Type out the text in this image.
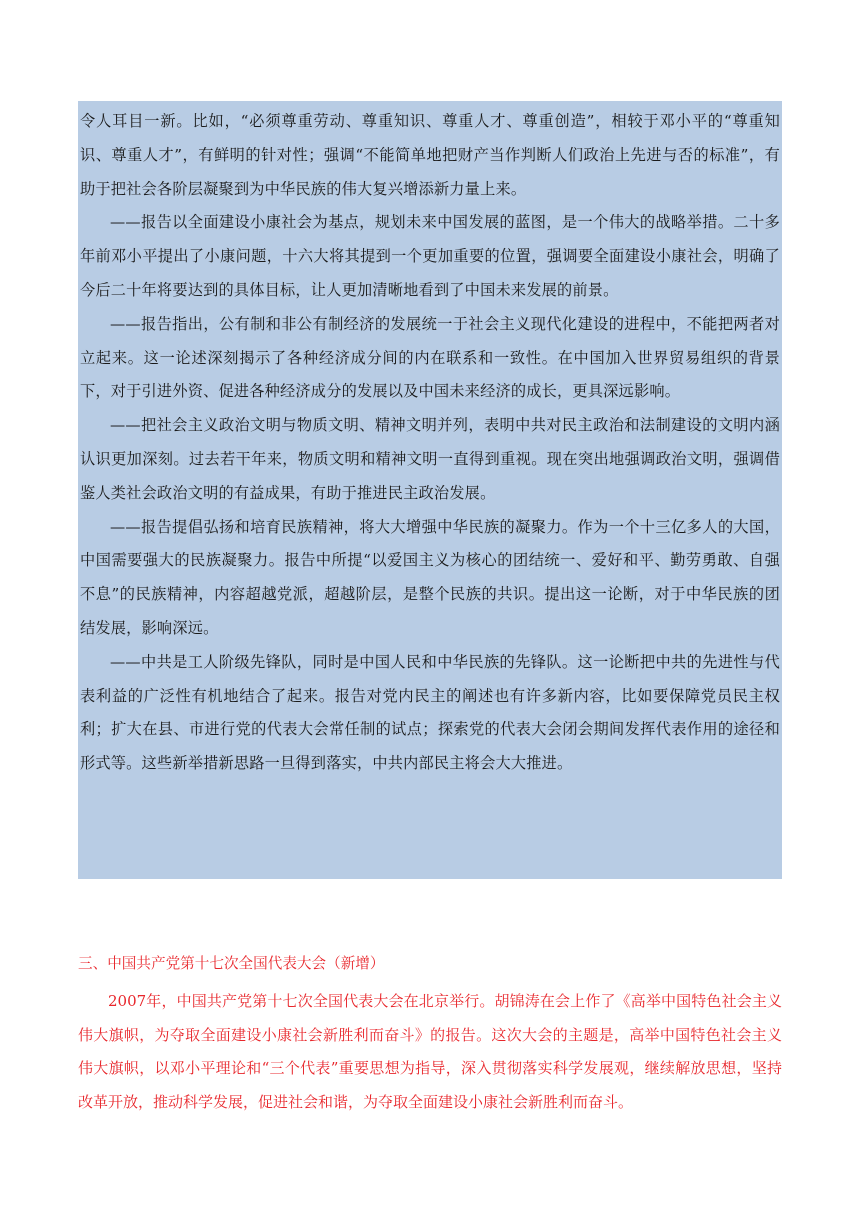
令人耳目一新。比如，“必须尊重劳动、尊重知识、尊重人才、尊重创造”，相较于邓小平的“尊重知识、尊重人才”，有鲜明的针对性；强调“不能简单地把财产当作判断人们政治上先进与否的标准”，有助于把社会各阶层凝聚到为中华民族的伟大复兴增添新力量上来。

——报告以全面建设小康社会为基点，规划未来中国发展的蓝图，是一个伟大的战略举措。二十多年前邓小平提出了小康问题，十六大将其提到一个更加重要的位置，强调要全面建设小康社会，明确了今后二十年将要达到的具体目标，让人更加清晰地看到了中国未来发展的前景。

——报告指出，公有制和非公有制经济的发展统一于社会主义现代化建设的进程中，不能把两者对立起来。这一论述深刻揭示了各种经济成分间的内在联系和一致性。在中国加入世界贸易组织的背景下，对于引进外资、促进各种经济成分的发展以及中国未来经济的成长，更具深远影响。

——把社会主义政治文明与物质文明、精神文明并列，表明中共对民主政治和法制建设的文明内涵认识更加深刻。过去若干年来，物质文明和精神文明一直得到重视。现在突出地强调政治文明，强调借鉴人类社会政治文明的有益成果，有助于推进民主政治发展。

——报告提倡弘扬和培育民族精神，将大大增强中华民族的凝聚力。作为一个十三亿多人的大国，中国需要强大的民族凝聚力。报告中所提“以爱国主义为核心的团结统一、爱好和平、勤劳勇敢、自强不息”的民族精神，内容超越党派，超越阶层，是整个民族的共识。提出这一论断，对于中华民族的团结发展，影响深远。

——中共是工人阶级先锋队，同时是中国人民和中华民族的先锋队。这一论断把中共的先进性与代表利益的广泛性有机地结合了起来。报告对党内民主的阐述也有许多新内容，比如要保障党员民主权利；扩大在县、市进行党的代表大会常任制的试点；探索党的代表大会闭会期间发挥代表作用的途径和形式等。这些新举措新思路一旦得到落实，中共内部民主将会大大推进。

三、中国共产党第十七次全国代表大会（新增）

2007年，中国共产党第十七次全国代表大会在北京举行。胡锦涛在会上作了《高举中国特色社会主义伟大旗帜，为夺取全面建设小康社会新胜利而奋斗》的报告。这次大会的主题是，高举中国特色社会主义伟大旗帜，以邓小平理论和“三个代表”重要思想为指导，深入贯彻落实科学发展观，继续解放思想，坚持改革开放，推动科学发展，促进社会和谐，为夺取全面建设小康社会新胜利而奋斗。
